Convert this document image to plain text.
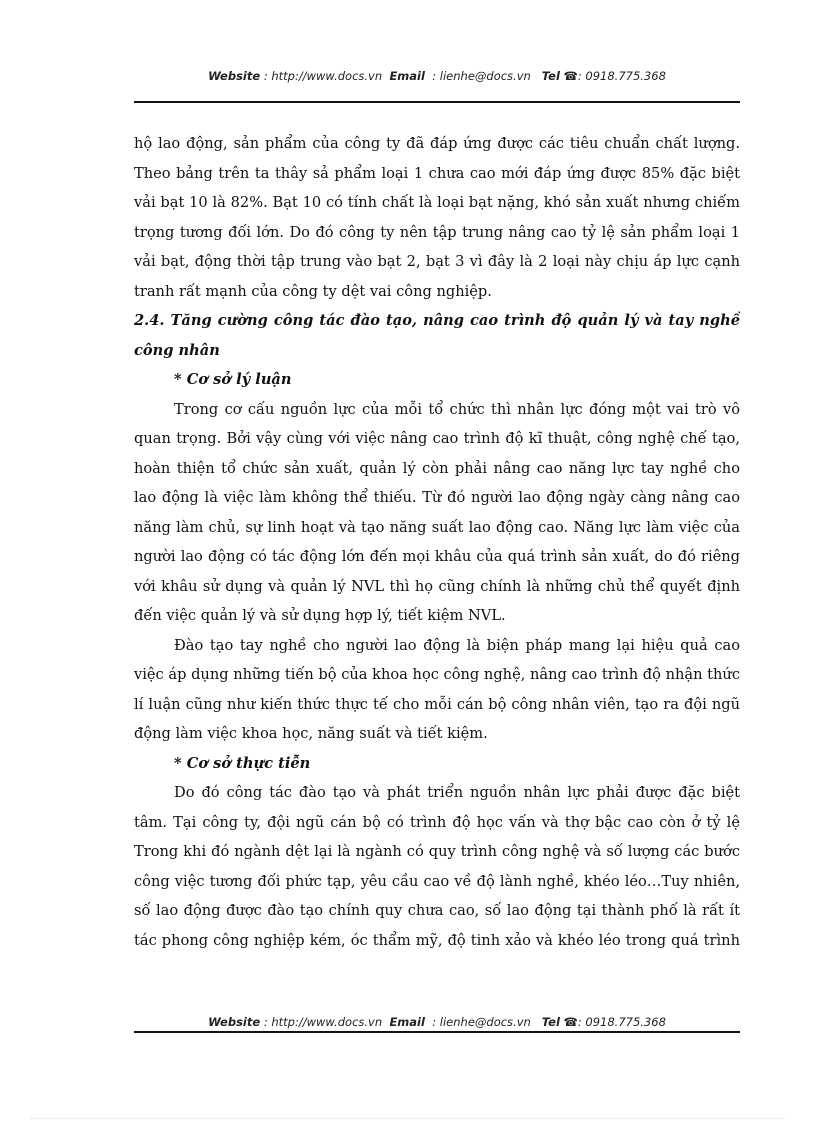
Website : http://www.docs.vn Email : lienhe@docs.vn Tel ☎: 0918.775.368
hộ lao động, sản phẩm của công ty đã đáp ứng được các tiêu chuẩn chất lượng.
Theo bảng trên ta thây sả phẩm loại 1 chưa cao mới đáp ứng được 85% đặc biệt
vải bạt 10 là 82%. Bạt 10 có tính chất là loại bạt nặng, khó sản xuất nhưng chiếm
trọng tương đối lớn. Do đó công ty nên tập trung nâng cao tỷ lệ sản phẩm loại 1
vải bạt, động thời tập trung vào bạt 2, bạt 3 vì đây là 2 loại này chịu áp lực cạnh
tranh rất mạnh của công ty dệt vai công nghiệp.
2.4. Tăng cường công tác đào tạo, nâng cao trình độ quản lý và tay nghề
công nhân
* Cơ sở lý luận
Trong cơ cấu nguồn lực của mỗi tổ chức thì nhân lực đóng một vai trò vô
quan trọng. Bởi vậy cùng với việc nâng cao trình độ kĩ thuật, công nghệ chế tạo,
hoàn thiện tổ chức sản xuất, quản lý còn phải nâng cao năng lực tay nghề cho
lao động là việc làm không thể thiếu. Từ đó người lao động ngày càng nâng cao
năng làm chủ, sự linh hoạt và tạo năng suất lao động cao. Năng lực làm việc của
người lao động có tác động lớn đến mọi khâu của quá trình sản xuất, do đó riêng
với khâu sử dụng và quản lý NVL thì họ cũng chính là những chủ thể quyết định
đến việc quản lý và sử dụng hợp lý, tiết kiệm NVL.
Đào tạo tay nghề cho người lao động là biện pháp mang lại hiệu quả cao
việc áp dụng những tiến bộ của khoa học công nghệ, nâng cao trình độ nhận thức
lí luận cũng như kiến thức thực tế cho mỗi cán bộ công nhân viên, tạo ra đội ngũ
động làm việc khoa học, năng suất và tiết kiệm.
* Cơ sở thực tiễn
Do đó công tác đào tạo và phát triển nguồn nhân lực phải được đặc biệt
tâm. Tại công ty, đội ngũ cán bộ có trình độ học vấn và thợ bậc cao còn ở tỷ lệ
Trong khi đó ngành dệt lại là ngành có quy trình công nghệ và số lượng các bước
công việc tương đối phức tạp, yêu cầu cao về độ lành nghề, khéo léo…Tuy nhiên,
số lao động được đào tạo chính quy chưa cao, số lao động tại thành phố là rất ít
tác phong công nghiệp kém, óc thẩm mỹ, độ tinh xảo và khéo léo trong quá trình
Website : http://www.docs.vn Email : lienhe@docs.vn Tel ☎: 0918.775.368
